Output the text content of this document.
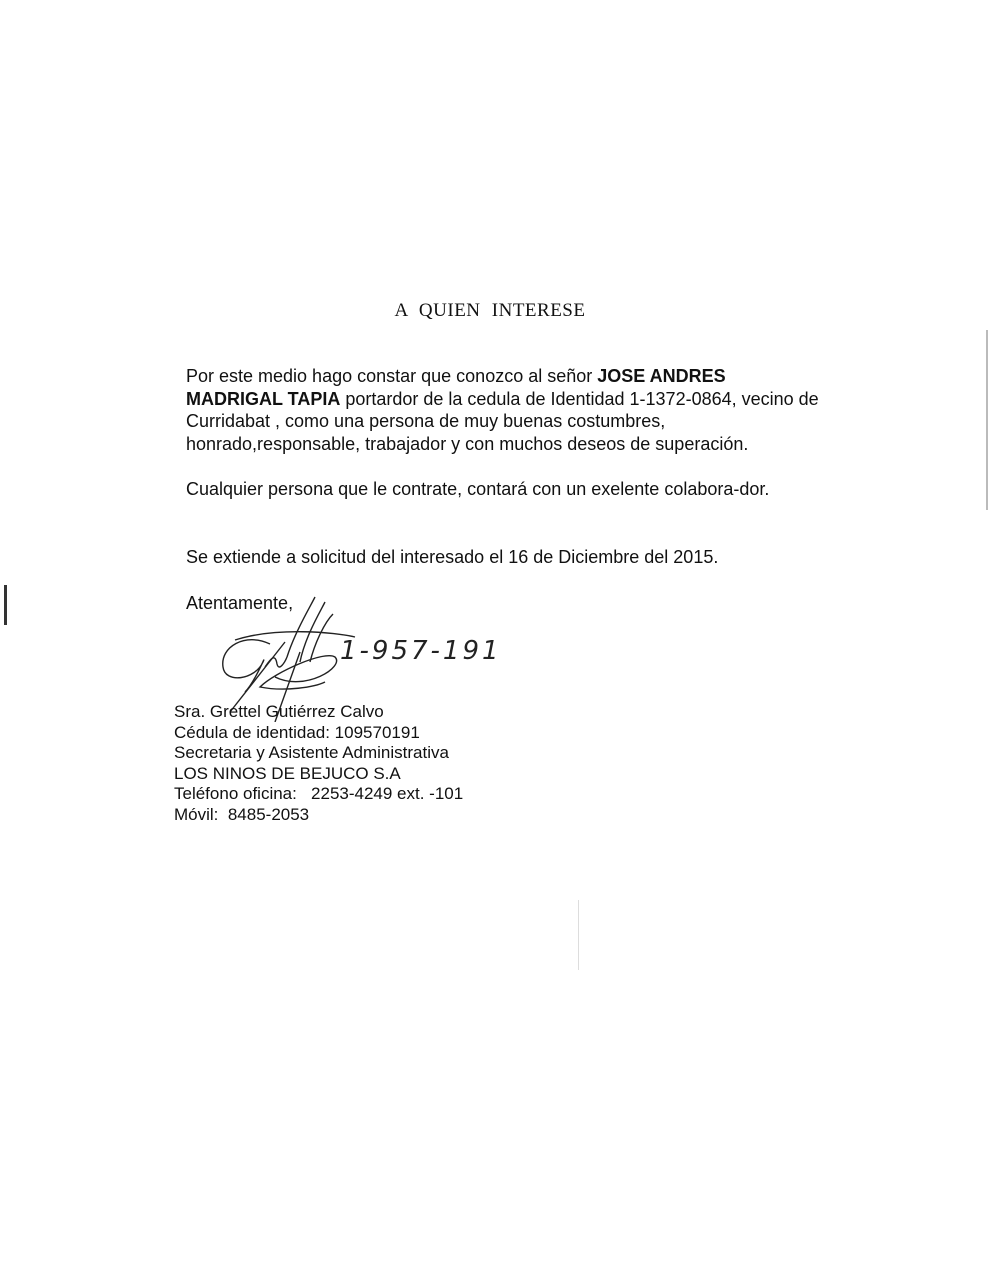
A QUIEN INTERESE
Por este medio hago constar que conozco al señor JOSE ANDRES MADRIGAL TAPIA portardor de la cedula de Identidad 1-1372-0864, vecino de Curridabat , como una persona de muy buenas costumbres, honrado,responsable, trabajador y con muchos deseos de superación.
Cualquier persona que le contrate, contará con un exelente colabora-dor.
Se extiende a solicitud del interesado el 16 de Diciembre del 2015.
Atentamente,
1-957-191
Sra. Grettel Gutiérrez Calvo
Cédula de identidad: 109570191
Secretaria y Asistente Administrativa
LOS NINOS DE BEJUCO S.A
Teléfono oficina:   2253-4249 ext. -101
Móvil:  8485-2053
